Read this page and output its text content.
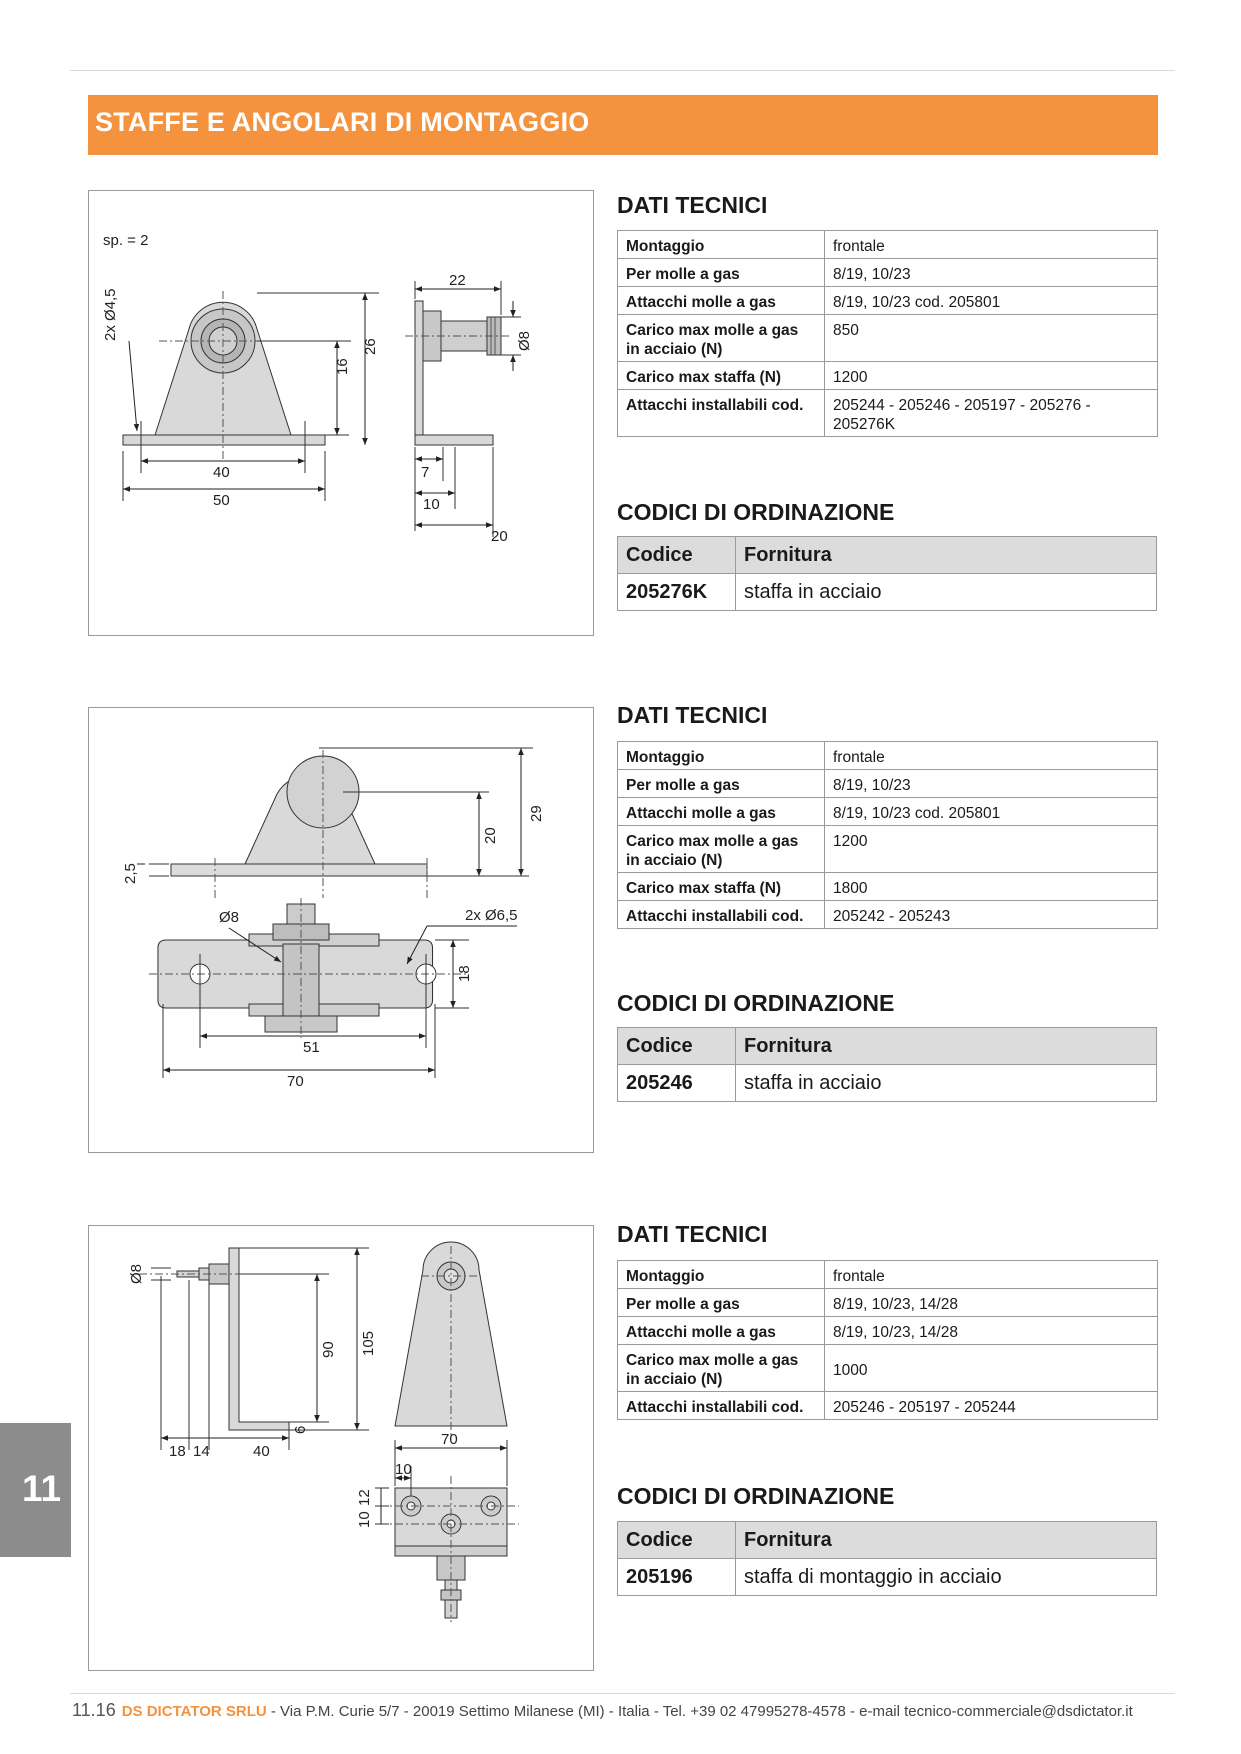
STAFFE E ANGOLARI DI MONTAGGIO
sp. = 2
40
50
2x Ø4,5
16
26
22
Ø8
7
10
20
DATI TECNICI
Montaggio	frontale
Per molle a gas	8/19, 10/23
Attacchi molle a gas	8/19, 10/23 cod. 205801
Carico max molle a gas in acciaio (N)	850
Carico max staffa (N)	1200
Attacchi installabili cod.	205244 - 205246 - 205197 - 205276 - 205276K
CODICI DI ORDINAZIONE
Codice	Fornitura
205276K	staffa in acciaio
2,5
20
29
51
70
Ø8	2x Ø6,5
18
DATI TECNICI
Montaggio	frontale
Per molle a gas	8/19, 10/23
Attacchi molle a gas	8/19, 10/23 cod. 205801
Carico max molle a gas in acciaio (N)	1200
Carico max staffa (N)	1800
Attacchi installabili cod.	205242 - 205243
CODICI DI ORDINAZIONE
Codice	Fornitura
205246	staffa in acciaio
Ø8
90 105
6
18 14	40
70
10
12
10
DATI TECNICI
Montaggio	frontale
Per molle a gas	8/19, 10/23, 14/28
Attacchi molle a gas	8/19, 10/23, 14/28
Carico max molle a gas in acciaio (N)	1000
Attacchi installabili cod.	205246 - 205197 - 205244
CODICI DI ORDINAZIONE
Codice	Fornitura
205196	staffa di montaggio in acciaio
11
11.16 DS DICTATOR SRLU - Via P.M. Curie 5/7 - 20019 Settimo Milanese (MI) - Italia - Tel. +39 02 47995278-4578 - e-mail tecnico-commerciale@dsdictator.it
